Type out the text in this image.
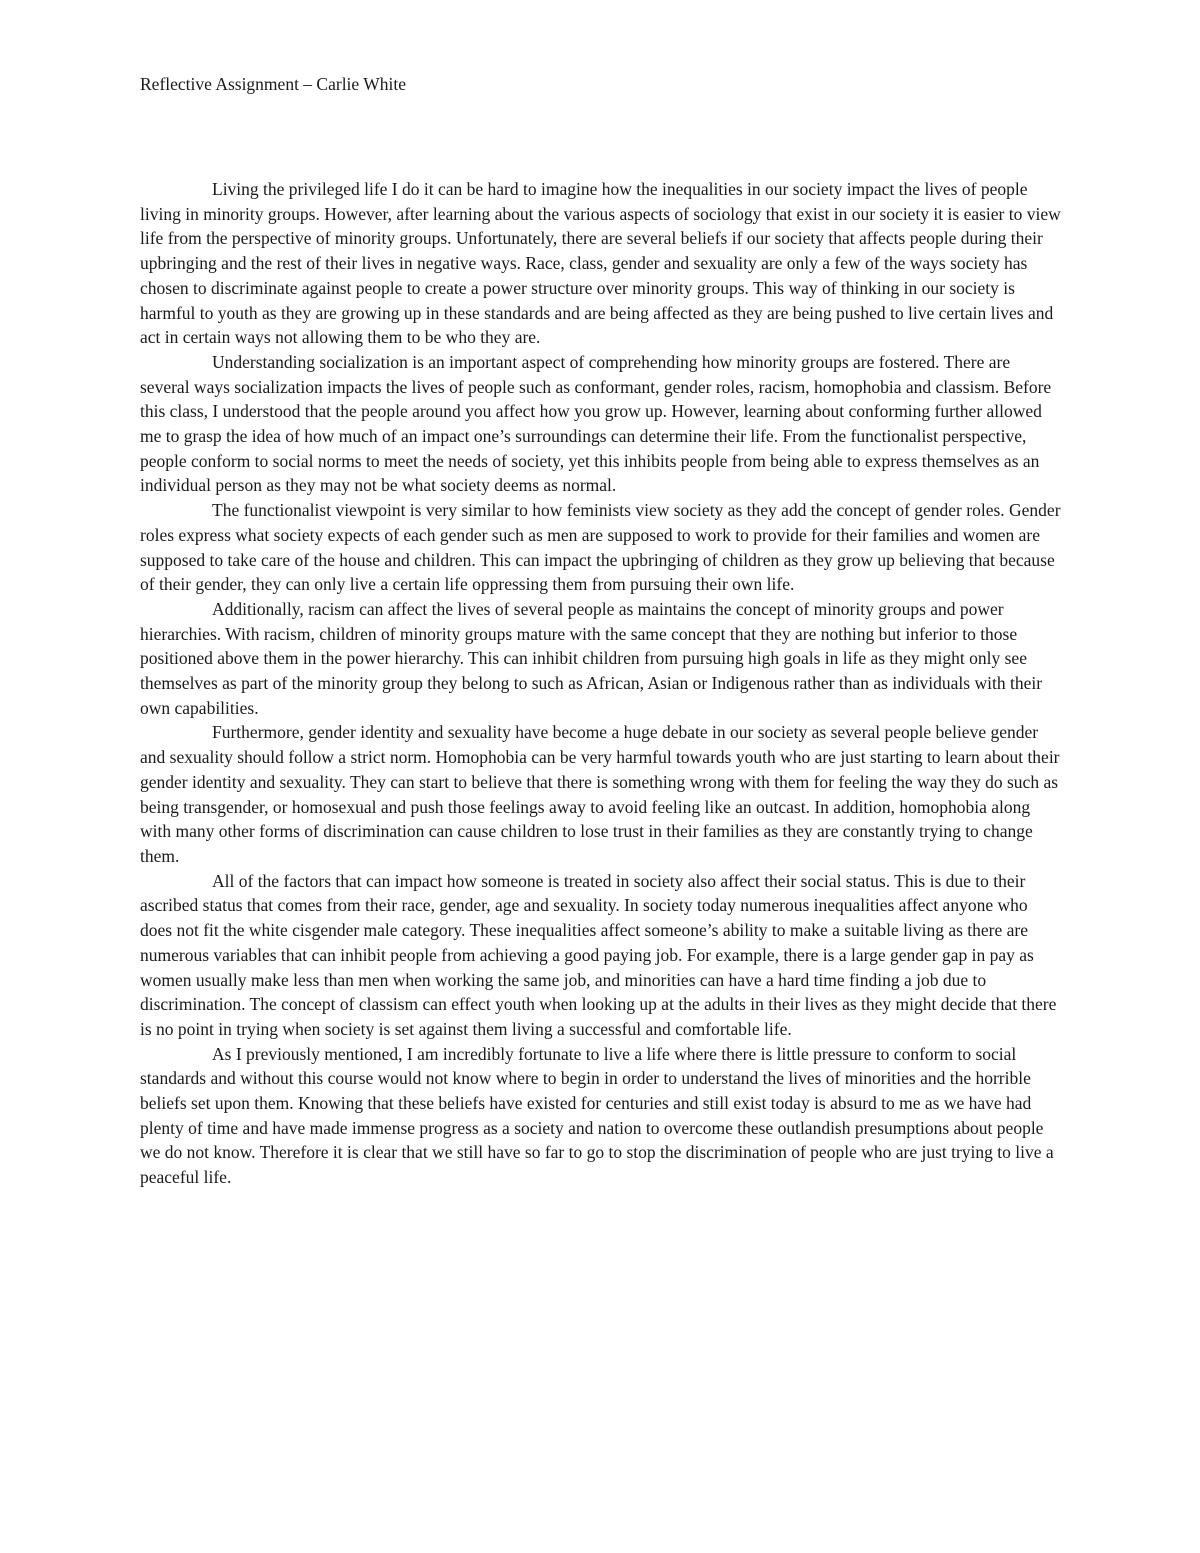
Reflective Assignment – Carlie White

Living the privileged life I do it can be hard to imagine how the inequalities in our society impact the lives of people living in minority groups. However, after learning about the various aspects of sociology that exist in our society it is easier to view life from the perspective of minority groups. Unfortunately, there are several beliefs if our society that affects people during their upbringing and the rest of their lives in negative ways. Race, class, gender and sexuality are only a few of the ways society has chosen to discriminate against people to create a power structure over minority groups. This way of thinking in our society is harmful to youth as they are growing up in these standards and are being affected as they are being pushed to live certain lives and act in certain ways not allowing them to be who they are.

Understanding socialization is an important aspect of comprehending how minority groups are fostered. There are several ways socialization impacts the lives of people such as conformant, gender roles, racism, homophobia and classism. Before this class, I understood that the people around you affect how you grow up. However, learning about conforming further allowed me to grasp the idea of how much of an impact one’s surroundings can determine their life. From the functionalist perspective, people conform to social norms to meet the needs of society, yet this inhibits people from being able to express themselves as an individual person as they may not be what society deems as normal.

The functionalist viewpoint is very similar to how feminists view society as they add the concept of gender roles. Gender roles express what society expects of each gender such as men are supposed to work to provide for their families and women are supposed to take care of the house and children. This can impact the upbringing of children as they grow up believing that because of their gender, they can only live a certain life oppressing them from pursuing their own life.

Additionally, racism can affect the lives of several people as maintains the concept of minority groups and power hierarchies. With racism, children of minority groups mature with the same concept that they are nothing but inferior to those positioned above them in the power hierarchy. This can inhibit children from pursuing high goals in life as they might only see themselves as part of the minority group they belong to such as African, Asian or Indigenous rather than as individuals with their own capabilities.

Furthermore, gender identity and sexuality have become a huge debate in our society as several people believe gender and sexuality should follow a strict norm. Homophobia can be very harmful towards youth who are just starting to learn about their gender identity and sexuality. They can start to believe that there is something wrong with them for feeling the way they do such as being transgender, or homosexual and push those feelings away to avoid feeling like an outcast. In addition, homophobia along with many other forms of discrimination can cause children to lose trust in their families as they are constantly trying to change them.

All of the factors that can impact how someone is treated in society also affect their social status. This is due to their ascribed status that comes from their race, gender, age and sexuality. In society today numerous inequalities affect anyone who does not fit the white cisgender male category. These inequalities affect someone’s ability to make a suitable living as there are numerous variables that can inhibit people from achieving a good paying job. For example, there is a large gender gap in pay as women usually make less than men when working the same job, and minorities can have a hard time finding a job due to discrimination. The concept of classism can effect youth when looking up at the adults in their lives as they might decide that there is no point in trying when society is set against them living a successful and comfortable life.

As I previously mentioned, I am incredibly fortunate to live a life where there is little pressure to conform to social standards and without this course would not know where to begin in order to understand the lives of minorities and the horrible beliefs set upon them. Knowing that these beliefs have existed for centuries and still exist today is absurd to me as we have had plenty of time and have made immense progress as a society and nation to overcome these outlandish presumptions about people we do not know. Therefore it is clear that we still have so far to go to stop the discrimination of people who are just trying to live a peaceful life.
